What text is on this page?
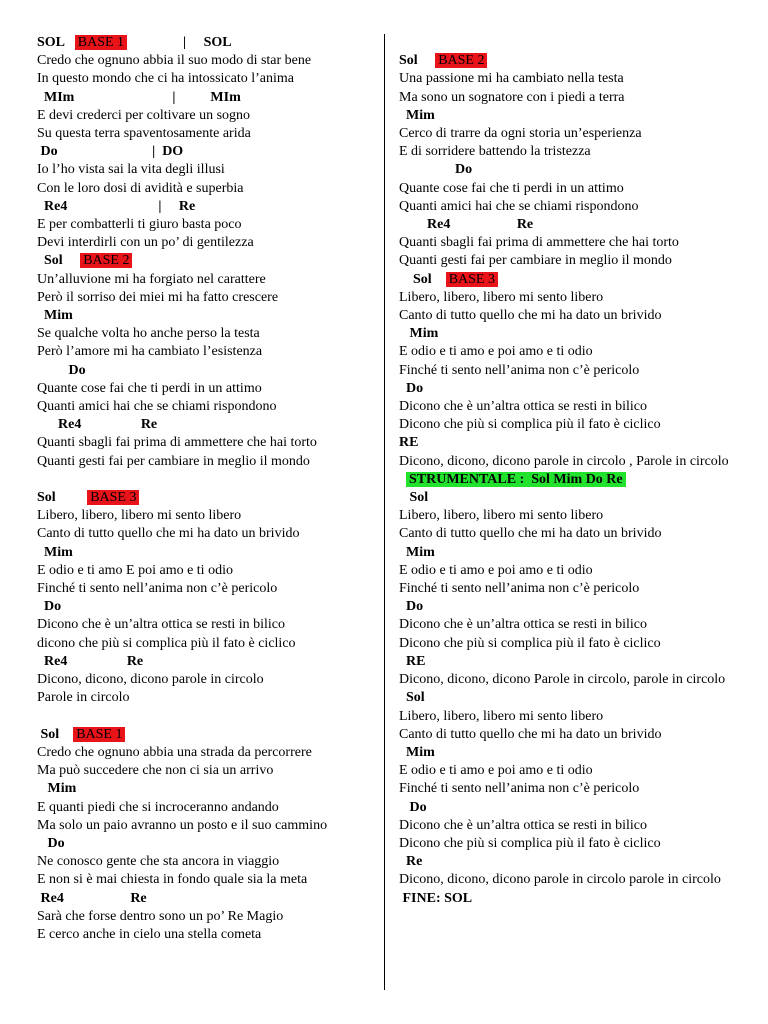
SOL   BASE 1                |     SOL
Credo che ognuno abbia il suo modo di star bene
In questo mondo che ci ha intossicato l’anima
MIm                            |          MIm
E devi crederci per coltivare un sogno
Su questa terra spaventosamente arida
Do                           |  DO
Io l’ho vista sai la vita degli illusi
Con le loro dosi di avidità e superbia
Re4                          |     Re
E per combatterli ti giuro basta poco
Devi interdirli con un po’ di gentilezza
Sol     BASE 2
Un’alluvione mi ha forgiato nel carattere
Però il sorriso dei miei mi ha fatto crescere
Mim
Se qualche volta ho anche perso la testa
Però l’amore mi ha cambiato l’esistenza
Do
Quante cose fai che ti perdi in un attimo
Quanti amici hai che se chiami rispondono
Re4                 Re
Quanti sbagli fai prima di ammettere che hai torto
Quanti gesti fai per cambiare in meglio il mondo
Sol         BASE 3
Libero, libero, libero mi sento libero
Canto di tutto quello che mi ha dato un brivido
Mim
E odio e ti amo E poi amo e ti odio
Finché ti sento nell’anima non c’è pericolo
Do
Dicono che è un’altra ottica se resti in bilico
dicono che più si complica più il fato è ciclico
Re4                 Re
Dicono, dicono, dicono parole in circolo
Parole in circolo
Sol    BASE 1
Credo che ognuno abbia una strada da percorrere
Ma può succedere che non ci sia un arrivo
Mim
E quanti piedi che si incroceranno andando
Ma solo un paio avranno un posto e il suo cammino
Do
Ne conosco gente che sta ancora in viaggio
E non si è mai chiesta in fondo quale sia la meta
Re4                   Re
Sarà che forse dentro sono un po’ Re Magio
E cerco anche in cielo una stella cometa
Sol     BASE 2
Una passione mi ha cambiato nella testa
Ma sono un sognatore con i piedi a terra
Mim
Cerco di trarre da ogni storia un’esperienza
E di sorridere battendo la tristezza
Do
Quante cose fai che ti perdi in un attimo
Quanti amici hai che se chiami rispondono
Re4                   Re
Quanti sbagli fai prima di ammettere che hai torto
Quanti gesti fai per cambiare in meglio il mondo
Sol    BASE 3
Libero, libero, libero mi sento libero
Canto di tutto quello che mi ha dato un brivido
Mim
E odio e ti amo e poi amo e ti odio
Finché ti sento nell’anima non c’è pericolo
Do
Dicono che è un’altra ottica se resti in bilico
Dicono che più si complica più il fato è ciclico
RE
Dicono, dicono, dicono parole in circolo , Parole in circolo
STRUMENTALE :  Sol Mim Do Re
Sol
Libero, libero, libero mi sento libero
Canto di tutto quello che mi ha dato un brivido
Mim
E odio e ti amo e poi amo e ti odio
Finché ti sento nell’anima non c’è pericolo
Do
Dicono che è un’altra ottica se resti in bilico
Dicono che più si complica più il fato è ciclico
RE
Dicono, dicono, dicono Parole in circolo, parole in circolo
Sol
Libero, libero, libero mi sento libero
Canto di tutto quello che mi ha dato un brivido
Mim
E odio e ti amo e poi amo e ti odio
Finché ti sento nell’anima non c’è pericolo
Do
Dicono che è un’altra ottica se resti in bilico
Dicono che più si complica più il fato è ciclico
Re
Dicono, dicono, dicono parole in circolo parole in circolo
FINE: SOL
